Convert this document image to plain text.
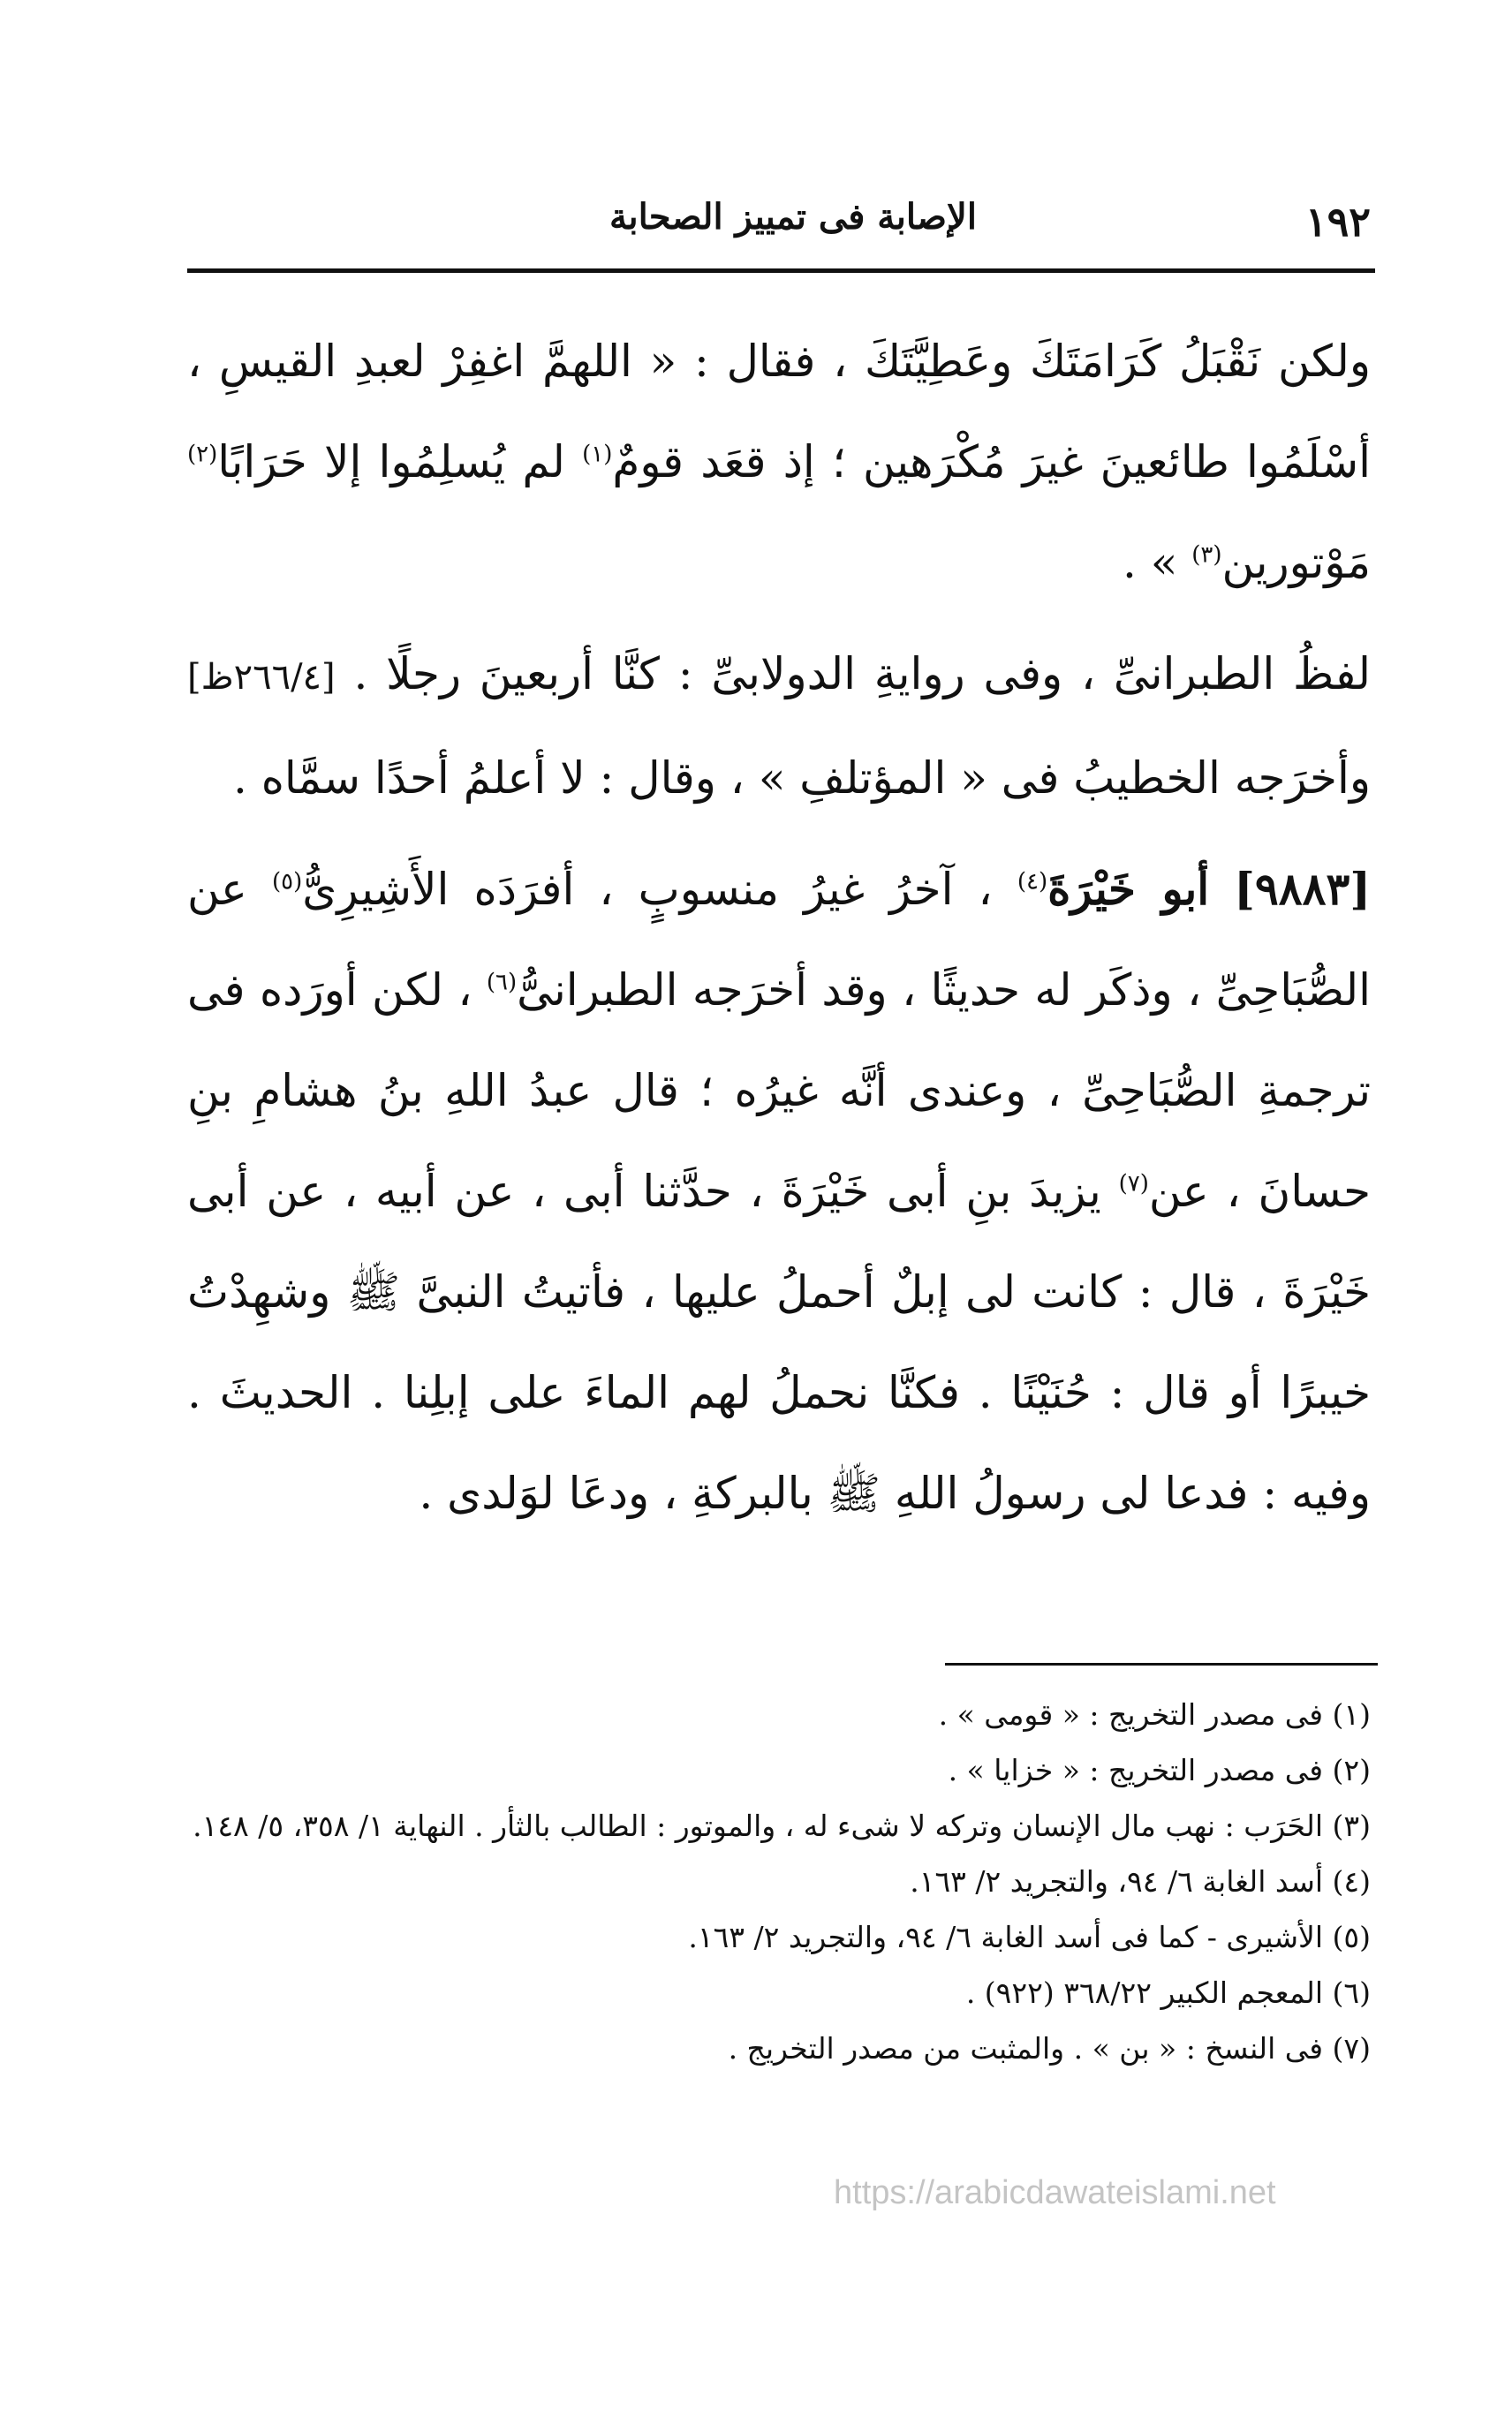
١٩٢
الإصابة فى تمييز الصحابة

ولكن نَقْبَلُ كَرَامَتَكَ وعَطِيَّتَكَ ، فقال : « اللهمَّ اغفِرْ لعبدِ القيسِ ، أسْلَمُوا طائعينَ غيرَ مُكْرَهين ؛ إذ قعَد قومٌ$^{(١)}$ لم يُسلِمُوا إلا حَرَابًا$^{(٢)}$ مَوْتورين$^{(٣)}$ » .

لفظُ الطبرانىِّ ، وفى روايةِ الدولابىِّ : كنَّا أربعينَ رجلًا . [٢٦٦/٤ظ] وأخرَجه الخطيبُ فى « المؤتلفِ » ، وقال : لا أعلمُ أحدًا سمَّاه .

[٩٨٨٣] أبو خَيْرَةَ$^{(٤)}$ ، آخرُ غيرُ منسوبٍ ، أفرَدَه الأَشِيرِىُّ$^{(٥)}$ عن الصُّبَاحِىِّ ، وذكَر له حديثًا ، وقد أخرَجه الطبرانىُّ$^{(٦)}$ ، لكن أورَده فى ترجمةِ الصُّبَاحِىِّ ، وعندى أنَّه غيرُه ؛ قال عبدُ اللهِ بنُ هشامِ بنِ حسانَ ، عن$^{(٧)}$ يزيدَ بنِ أبى خَيْرَةَ ، حدَّثنا أبى ، عن أبيه ، عن أبى خَيْرَةَ ، قال : كانت لى إبلٌ أحملُ عليها ، فأتيتُ النبىَّ ﷺ وشهِدْتُ خيبرًا أو قال : حُنَيْنًا . فكنَّا نحملُ لهم الماءَ على إبلِنا . الحديثَ . وفيه : فدعا لى رسولُ اللهِ ﷺ بالبركةِ ، ودعَا لوَلدى .

(١) فى مصدر التخريج : « قومى » .
(٢) فى مصدر التخريج : « خزايا » .
(٣) الحَرَب : نهب مال الإنسان وتركه لا شىء له ، والموتور : الطالب بالثأر . النهاية ١/ ٣٥٨، ٥/ ١٤٨.
(٤) أسد الغابة ٦/ ٩٤، والتجريد ٢/ ١٦٣.
(٥) الأشيرى - كما فى أسد الغابة ٦/ ٩٤، والتجريد ٢/ ١٦٣.
(٦) المعجم الكبير ٣٦٨/٢٢ (٩٢٢) .
(٧) فى النسخ : « بن » . والمثبت من مصدر التخريج .
https://arabicdawateislami.net
